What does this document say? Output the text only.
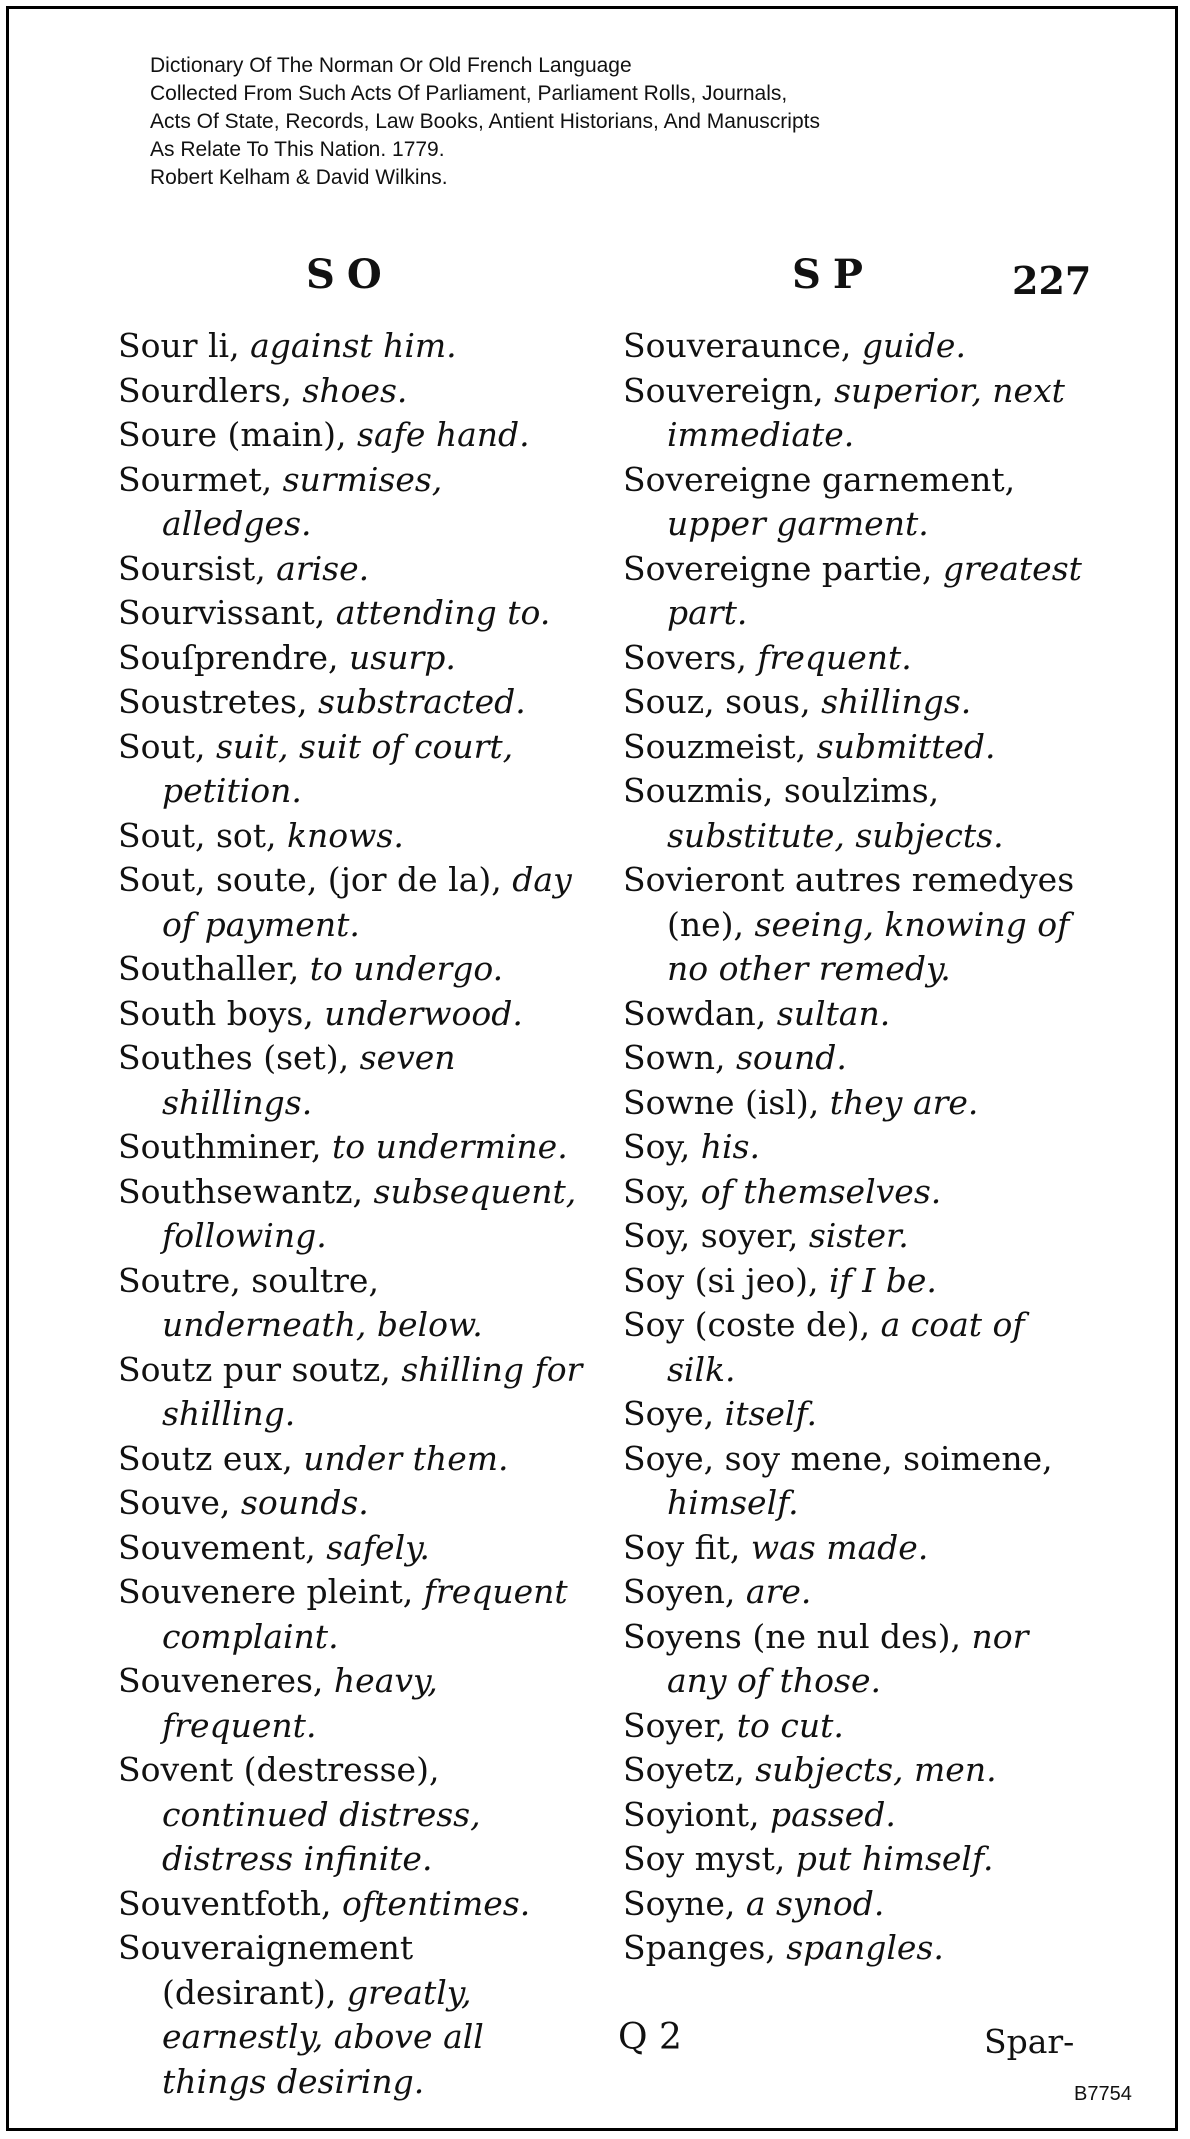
Dictionary Of The Norman Or Old French Language
Collected From Such Acts Of Parliament, Parliament Rolls, Journals,
Acts Of State, Records, Law Books, Antient Historians, And Manuscripts
As Relate To This Nation. 1779.
Robert Kelham & David Wilkins.
SO	SP	227

Sour li, against him.

Sourdlers, shoes.

Soure (main), safe hand.

Sourmet, surmises, alledges.

Soursist, arise.

Sourvissant, attending to.

Souſprendre, usurp.

Soustretes, substracted.

Sout, suit, suit of court, petition.

Sout, sot, knows.

Sout, soute, (jor de la), day of payment.

Southaller, to undergo.

South boys, underwood.

Southes (set), seven shillings.

Southminer, to undermine.

Southsewantz, subsequent, following.

Soutre, soultre, underneath, below.

Soutz pur soutz, shilling for shilling.

Soutz eux, under them.

Souve, sounds.

Souvement, safely.

Souvenere pleint, frequent complaint.

Souveneres, heavy, frequent.

Sovent (destresse), continued distress, distress infinite.

Souventfoth, oftentimes.

Souveraignement (desirant), greatly, earnestly, above all things desiring.

Souveraunce, guide.

Souvereign, superior, next immediate.

Sovereigne garnement, upper garment.

Sovereigne partie, greatest part.

Sovers, frequent.

Souz, sous, shillings.

Souzmeist, submitted.

Souzmis, soulzims, substitute, subjects.

Sovieront autres remedyes (ne), seeing, knowing of no other remedy.

Sowdan, sultan.

Sown, sound.

Sowne (isl), they are.

Soy, his.

Soy, of themselves.

Soy, soyer, sister.

Soy (si jeo), if I be.

Soy (coste de), a coat of silk.

Soye, itself.

Soye, soy mene, soimene, himself.

Soy fit, was made.

Soyen, are.

Soyens (ne nul des), nor any of those.

Soyer, to cut.

Soyetz, subjects, men.

Soyiont, passed.

Soy myst, put himself.

Soyne, a synod.

Spanges, spangles.

Q 2	Spar-
B7754
